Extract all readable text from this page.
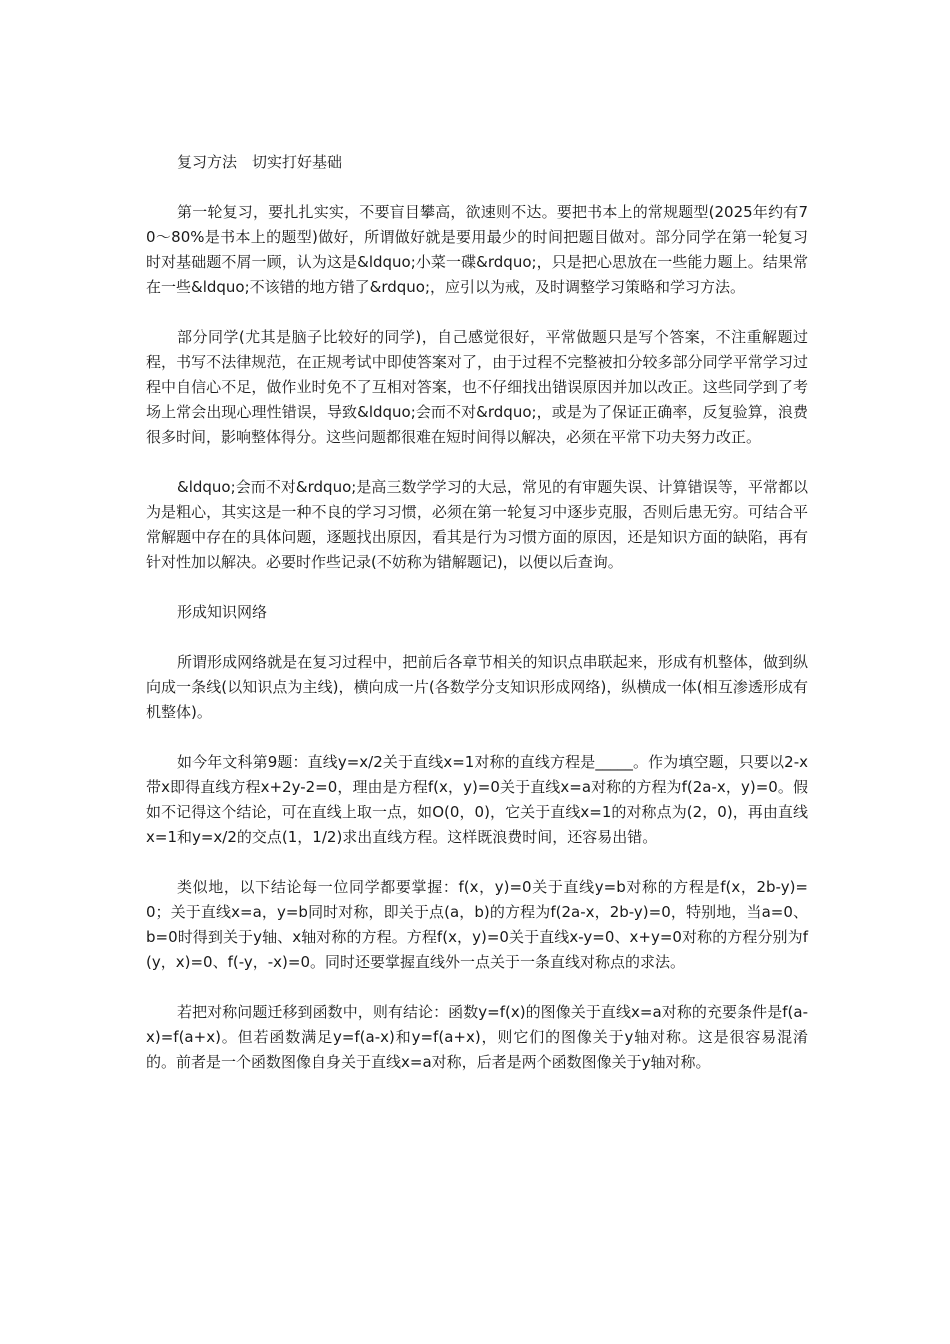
复习方法　切实打好基础

第一轮复习，要扎扎实实，不要盲目攀高，欲速则不达。要把书本上的常规题型(2025年约有70～80%是书本上的题型)做好，所谓做好就是要用最少的时间把题目做对。部分同学在第一轮复习时对基础题不屑一顾，认为这是&ldquo;小菜一碟&rdquo;，只是把心思放在一些能力题上。结果常在一些&ldquo;不该错的地方错了&rdquo;，应引以为戒，及时调整学习策略和学习方法。

部分同学(尤其是脑子比较好的同学)，自己感觉很好，平常做题只是写个答案，不注重解题过程，书写不法律规范，在正规考试中即使答案对了，由于过程不完整被扣分较多部分同学平常学习过程中自信心不足，做作业时免不了互相对答案，也不仔细找出错误原因并加以改正。这些同学到了考场上常会出现心理性错误，导致&ldquo;会而不对&rdquo;，或是为了保证正确率，反复验算，浪费很多时间，影响整体得分。这些问题都很难在短时间得以解决，必须在平常下功夫努力改正。

&ldquo;会而不对&rdquo;是高三数学学习的大忌，常见的有审题失误、计算错误等，平常都以为是粗心，其实这是一种不良的学习习惯，必须在第一轮复习中逐步克服，否则后患无穷。可结合平常解题中存在的具体问题，逐题找出原因，看其是行为习惯方面的原因，还是知识方面的缺陷，再有针对性加以解决。必要时作些记录(不妨称为错解题记)，以便以后查询。

形成知识网络

所谓形成网络就是在复习过程中，把前后各章节相关的知识点串联起来，形成有机整体，做到纵向成一条线(以知识点为主线)，横向成一片(各数学分支知识形成网络)，纵横成一体(相互渗透形成有机整体)。

如今年文科第9题：直线y=x/2关于直线x=1对称的直线方程是_____。作为填空题，只要以2-x带x即得直线方程x+2y-2=0，理由是方程f(x，y)=0关于直线x=a对称的方程为f(2a-x，y)=0。假如不记得这个结论，可在直线上取一点，如O(0，0)，它关于直线x=1的对称点为(2，0)，再由直线x=1和y=x/2的交点(1，1/2)求出直线方程。这样既浪费时间，还容易出错。

类似地，以下结论每一位同学都要掌握：f(x，y)=0关于直线y=b对称的方程是f(x，2b-y)=0；关于直线x=a，y=b同时对称，即关于点(a，b)的方程为f(2a-x，2b-y)=0，特别地，当a=0、b=0时得到关于y轴、x轴对称的方程。方程f(x，y)=0关于直线x-y=0、x+y=0对称的方程分别为f(y，x)=0、f(-y，-x)=0。同时还要掌握直线外一点关于一条直线对称点的求法。

若把对称问题迁移到函数中，则有结论：函数y=f(x)的图像关于直线x=a对称的充要条件是f(a-x)=f(a+x)。但若函数满足y=f(a-x)和y=f(a+x)，则它们的图像关于y轴对称。这是很容易混淆的。前者是一个函数图像自身关于直线x=a对称，后者是两个函数图像关于y轴对称。
